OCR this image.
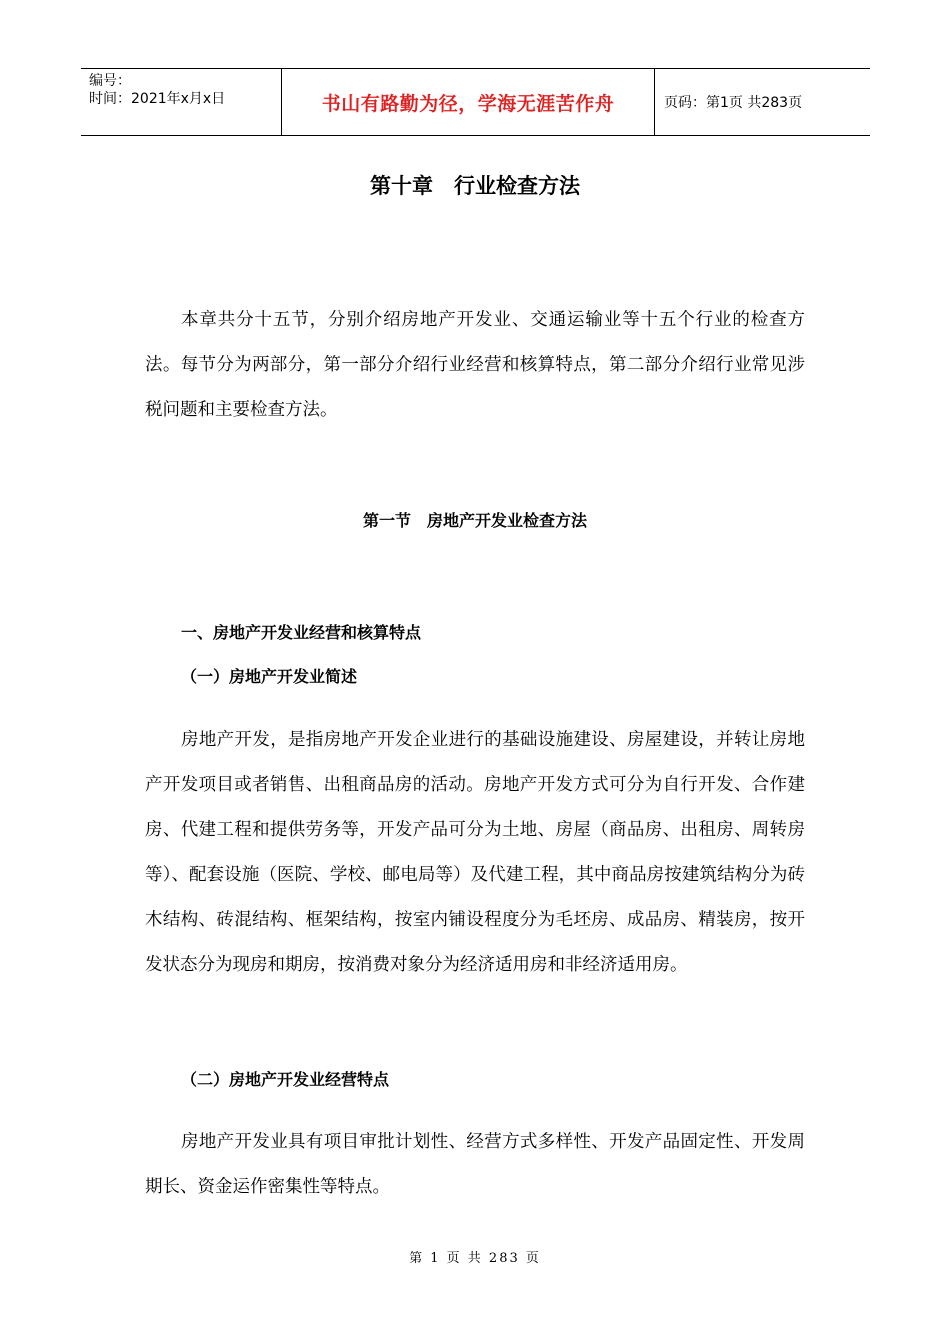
编号：
时间：2021年x月x日	书山有路勤为径，学海无涯苦作舟	页码：第1页 共283页
第十章　行业检查方法

本章共分十五节，分别介绍房地产开发业、交通运输业等十五个行业的检查方法。每节分为两部分，第一部分介绍行业经营和核算特点，第二部分介绍行业常见涉税问题和主要检查方法。

第一节　房地产开发业检查方法
一、房地产开发业经营和核算特点
（一）房地产开发业简述

房地产开发，是指房地产开发企业进行的基础设施建设、房屋建设，并转让房地产开发项目或者销售、出租商品房的活动。房地产开发方式可分为自行开发、合作建房、代建工程和提供劳务等，开发产品可分为土地、房屋（商品房、出租房、周转房等）、配套设施（医院、学校、邮电局等）及代建工程，其中商品房按建筑结构分为砖木结构、砖混结构、框架结构，按室内铺设程度分为毛坯房、成品房、精装房，按开发状态分为现房和期房，按消费对象分为经济适用房和非经济适用房。

（二）房地产开发业经营特点

房地产开发业具有项目审批计划性、经营方式多样性、开发产品固定性、开发周期长、资金运作密集性等特点。

第 1 页 共 283 页
